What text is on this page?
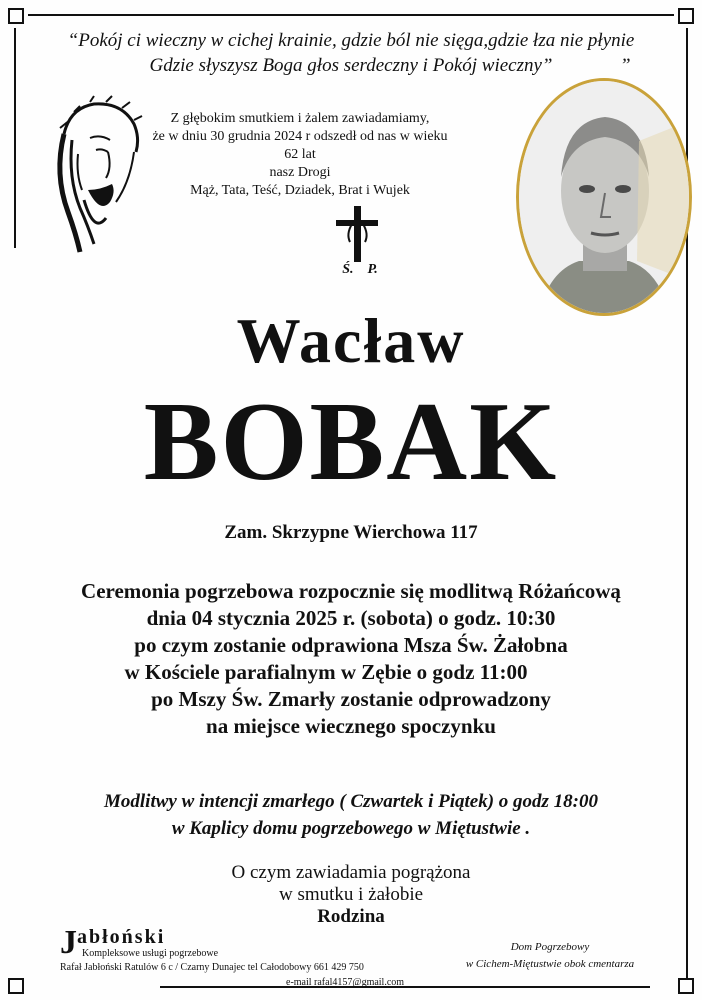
“Pokój ci wieczny w cichej krainie, gdzie ból nie sięga,gdzie łza nie płynie
Gdzie słyszysz Boga głos serdeczny i Pokój wieczny”	”
Z głębokim smutkiem i żalem zawiadamiamy,
że w dniu 30 grudnia 2024 r odszedł od nas w wieku 62 lat
nasz Drogi
Mąż, Tata, Teść, Dziadek, Brat i Wujek
Ś. P.
Wacław
BOBAK
Zam. Skrzypne Wierchowa 117
Ceremonia pogrzebowa rozpocznie się modlitwą Różańcową
dnia 04 stycznia 2025 r. (sobota) o godz. 10:30
po czym zostanie odprawiona Msza Św. Żałobna
w Kościele parafialnym w Zębie o godz 11:00
po Mszy Św. Zmarły zostanie odprowadzony
na miejsce wiecznego spoczynku
Modlitwy w intencji zmarłego ( Czwartek i Piątek) o godz 18:00
w Kaplicy domu pogrzebowego w Miętustwie .
O czym zawiadamia pogrążona
w smutku i żałobie
Rodzina
Jabłoński
Kompleksowe usługi pogrzebowe
Rafał Jabłoński Ratulów 6 c / Czarny Dunajec tel Całodobowy 661 429 750
e-mail rafal4157@gmail.com
Dom Pogrzebowy
w Cichem-Miętustwie obok cmentarza
